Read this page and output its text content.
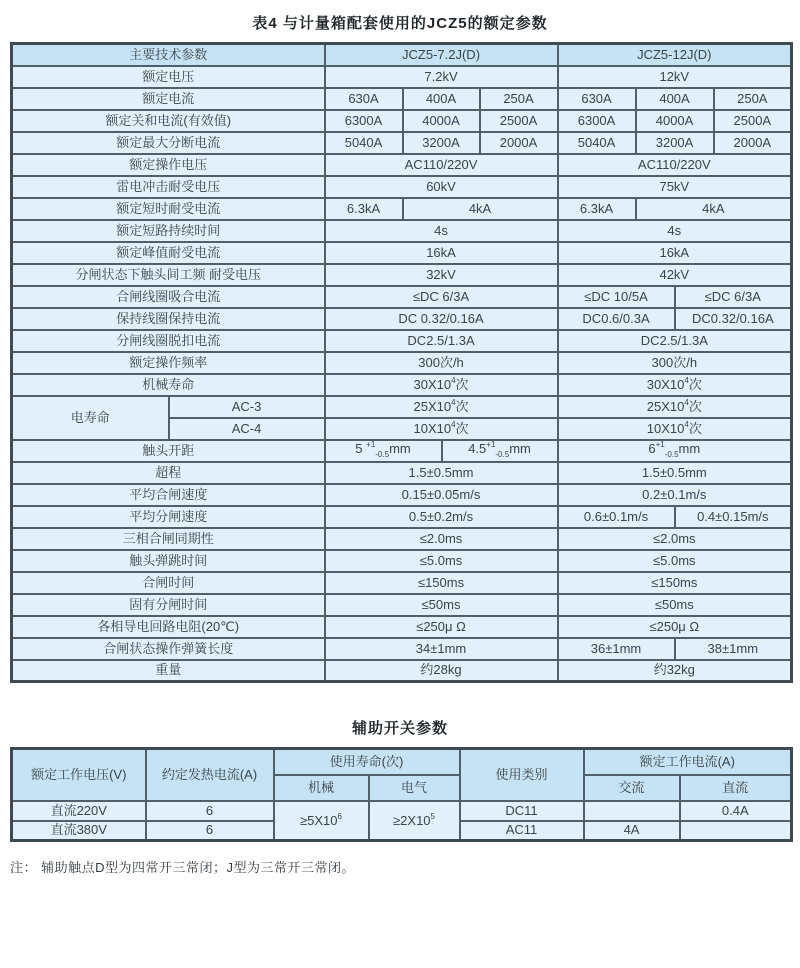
表4 与计量箱配套使用的JCZ5的额定参数
主要技术参数		JCZ5-7.2J(D)				JCZ5-12J(D)			
额定电压		7.2kV				12kV			
额定电流		630A	400A		250A	630A	400A		250A
额定关和电流(有效值)		6300A	4000A		2500A	6300A	4000A		2500A
额定最大分断电流		5040A	3200A		2000A	5040A	3200A		2000A
额定操作电压		AC110/220V				AC110/220V			
雷电冲击耐受电压		60kV				75kV			
额定短时耐受电流		6.3kA	4kA			6.3kA	4kA		
额定短路持续时间		4s				4s			
额定峰值耐受电流		16kA				16kA			
分闸状态下触头间工频 耐受电压		32kV				42kV			
合闸线圈吸合电流		≤DC 6/3A				≤DC 10/5A		≤DC 6/3A	
保持线圈保持电流		DC 0.32/0.16A				DC0.6/0.3A		DC0.32/0.16A	
分闸线圈脱扣电流		DC2.5/1.3A				DC2.5/1.3A			
额定操作频率		300次/h				300次/h			
机械寿命		$30X10^4$次				$30X10^4$次			
电寿命	AC-3	$25X10^4$次				$25X10^4$次			
	AC-4	$10X10^4$次				$10X10^4$次			
触头开距		5 $^{+1}_{-0.5}$mm		$4.5^{+1}_{-0.5}mm$		$6^{+1}_{-0.5}mm$			
超程		1.5±0.5mm				1.5±0.5mm			
平均合闸速度		0.15±0.05m/s				0.2±0.1m/s			
平均分闸速度		0.5±0.2m/s				0.6±0.1m/s		0.4±0.15m/s	
三相合闸同期性		≤2.0ms				≤2.0ms			
触头弹跳时间		≤5.0ms				≤5.0ms			
合闸时间		≤150ms				≤150ms			
固有分闸时间		≤50ms				≤50ms			
各相导电回路电阻(20℃)		≤250μ Ω				≤250μ Ω			
合闸状态操作弹簧长度		34±1mm				36±1mm		38±1mm	
重量		约28kg				约32kg			
辅助开关参数
额定工作电压(V)	约定发热电流(A)	使用寿命(次)		使用类别	额定工作电流(A)	
		机械	电气		交流	直流
直流220V	6	$\ge 5X10^6$	$\ge 2X10^5$	DC11		0.4A
直流380V	6			AC11	4A	
注： 辅助触点D型为四常开三常闭；J型为三常开三常闭。
